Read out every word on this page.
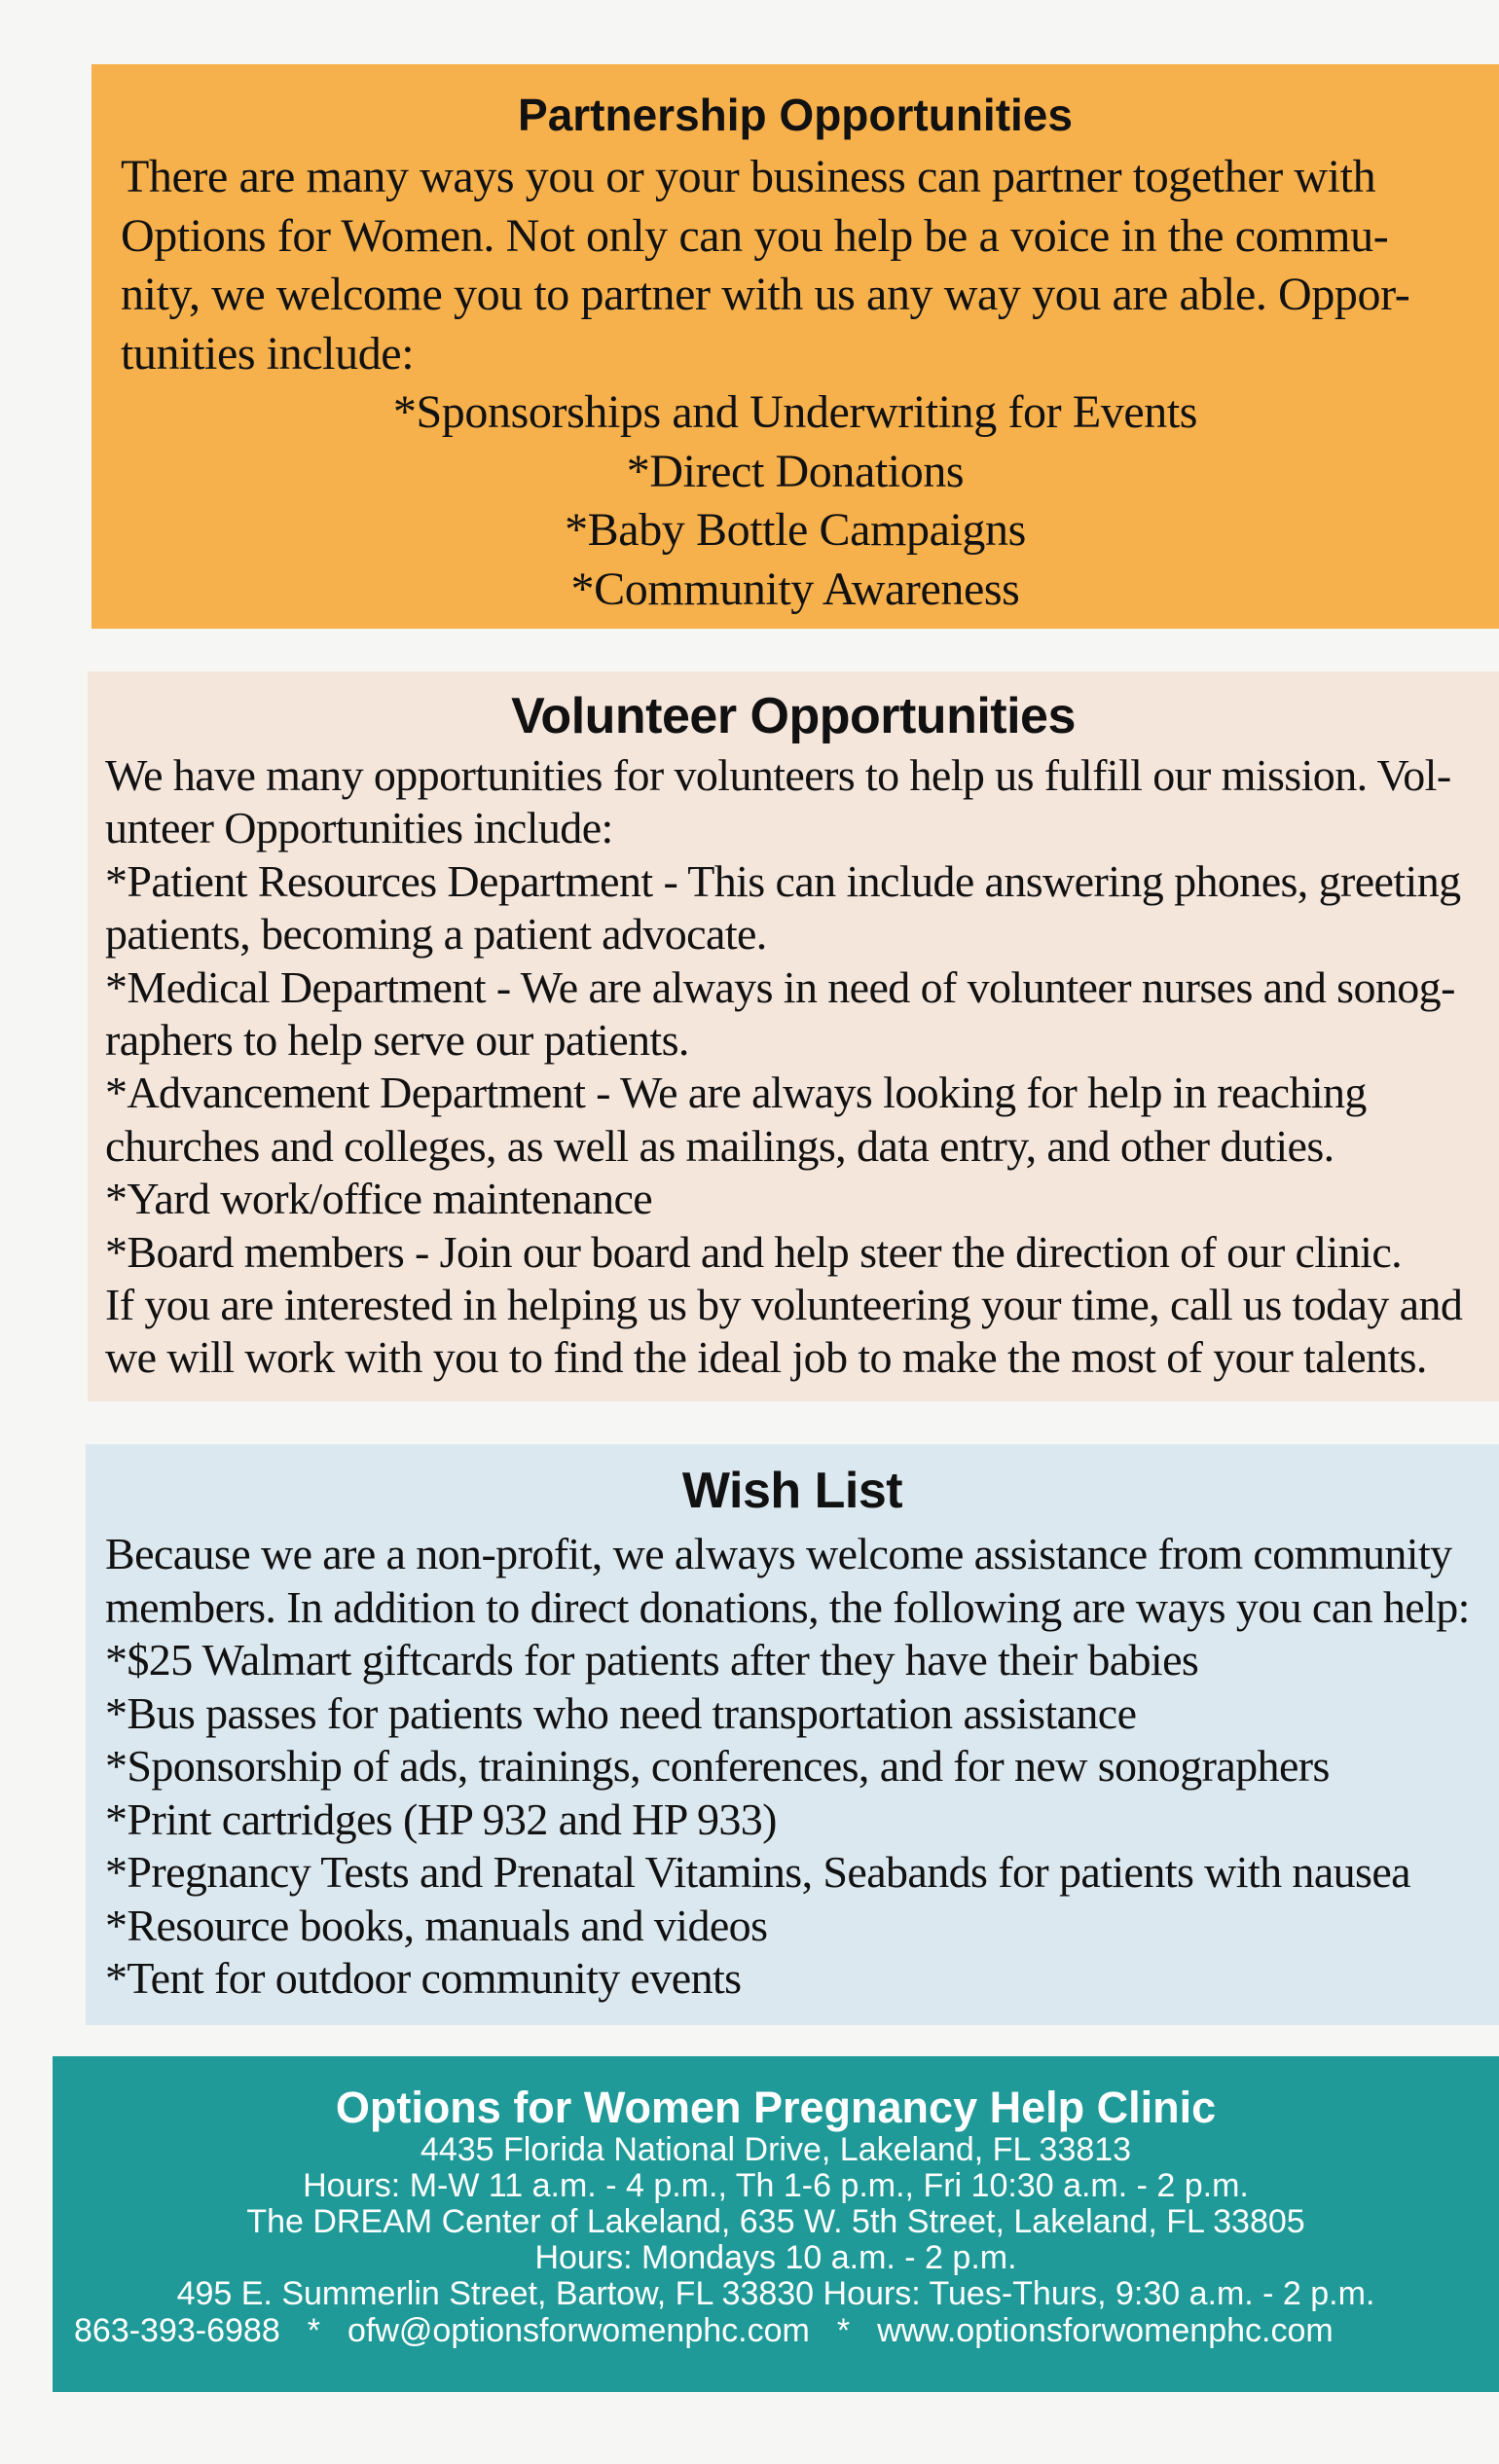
Partnership Opportunities

There are many ways you or your business can partner together with

Options for Women. Not only can you help be a voice in the commu-

nity, we welcome you to partner with us any way you are able. Oppor-

tunities include:

*Sponsorships and Underwriting for Events

*Direct Donations

*Baby Bottle Campaigns

*Community Awareness

Volunteer Opportunities

We have many opportunities for volunteers to help us fulfill our mission. Vol-

unteer Opportunities include:

*Patient Resources Department - This can include answering phones, greeting

patients, becoming a patient advocate.

*Medical Department - We are always in need of volunteer nurses and sonog-

raphers to help serve our patients.

*Advancement Department - We are always looking for help in reaching

churches and colleges, as well as mailings, data entry, and other duties.

*Yard work/office maintenance

*Board members - Join our board and help steer the direction of our clinic.

If you are interested in helping us by volunteering your time, call us today and

we will work with you to find the ideal job to make the most of your talents.

Wish List

Because we are a non-profit, we always welcome assistance from community

members. In addition to direct donations, the following are ways you can help:

*$25 Walmart giftcards for patients after they have their babies

*Bus passes for patients who need transportation assistance

*Sponsorship of ads, trainings, conferences, and for new sonographers

*Print cartridges (HP 932 and HP 933)

*Pregnancy Tests and Prenatal Vitamins, Seabands for patients with nausea

*Resource books, manuals and videos

*Tent for outdoor community events

Options for Women Pregnancy Help Clinic

4435 Florida National Drive, Lakeland, FL 33813

Hours: M-W 11 a.m. - 4 p.m., Th 1-6 p.m., Fri 10:30 a.m. - 2 p.m.

The DREAM Center of Lakeland, 635 W. 5th Street, Lakeland, FL 33805

Hours: Mondays 10 a.m. - 2 p.m.

495 E. Summerlin Street, Bartow, FL 33830 Hours: Tues-Thurs, 9:30 a.m. - 2 p.m.

863-393-6988 * ofw@optionsforwomenphc.com * www.optionsforwomenphc.com
